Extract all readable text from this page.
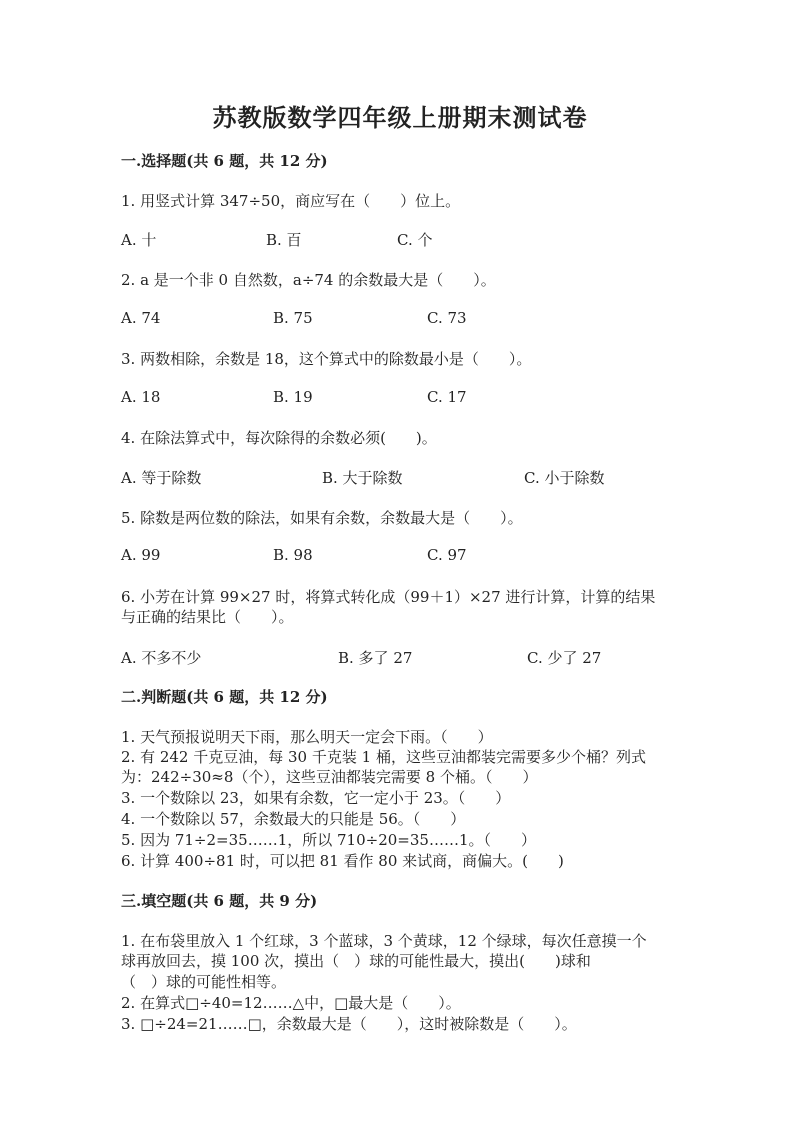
苏教版数学四年级上册期末测试卷
一.选择题(共 6 题，共 12 分)
1. 用竖式计算 347÷50，商应写在（　　）位上。
A. 十	B. 百	C. 个
2. a 是一个非 0 自然数，a÷74 的余数最大是（　　）。
A. 74	B. 75	C. 73
3. 两数相除，余数是 18，这个算式中的除数最小是（　　）。
A. 18	B. 19	C. 17
4. 在除法算式中，每次除得的余数必须(　　)。
A. 等于除数	B. 大于除数	C. 小于除数
5. 除数是两位数的除法，如果有余数，余数最大是（　　）。
A. 99	B. 98	C. 97
6. 小芳在计算 99×27 时，将算式转化成（99＋1）×27 进行计算，计算的结果
与正确的结果比（　　）。
A. 不多不少	B. 多了 27	C. 少了 27
二.判断题(共 6 题，共 12 分)
1. 天气预报说明天下雨，那么明天一定会下雨。（　　）
2. 有 242 千克豆油，每 30 千克装 1 桶，这些豆油都装完需要多少个桶？列式
为：242÷30≈8（个），这些豆油都装完需要 8 个桶。（　　）
3. 一个数除以 23，如果有余数，它一定小于 23。（　　）
4. 一个数除以 57，余数最大的只能是 56。（　　）
5. 因为 71÷2=35……1，所以 710÷20=35……1。（　　）
6. 计算 400÷81 时，可以把 81 看作 80 来试商，商偏大。(　　)
三.填空题(共 6 题，共 9 分)
1. 在布袋里放入 1 个红球，3 个蓝球，3 个黄球，12 个绿球，每次任意摸一个
球再放回去，摸 100 次，摸出（　）球的可能性最大，摸出(　　)球和
（　）球的可能性相等。
2. 在算式□÷40=12……△中，□最大是（　　）。
3. □÷24=21……□，余数最大是（　　），这时被除数是（　　）。
